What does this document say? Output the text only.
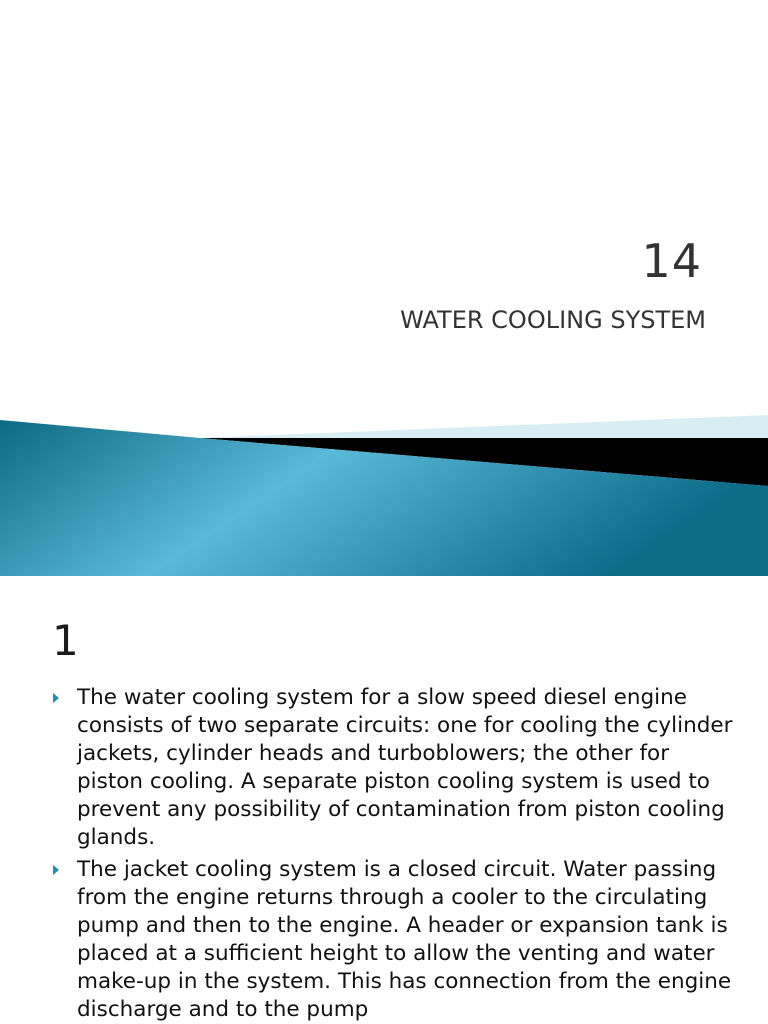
14
WATER COOLING SYSTEM
1
The water cooling system for a slow speed diesel engine consists of two separate circuits: one for cooling the cylinder jackets, cylinder heads and turboblowers; the other for piston cooling. A separate piston cooling system is used to prevent any possibility of contamination from piston cooling glands.
The jacket cooling system is a closed circuit. Water passing from the engine returns through a cooler to the circulating pump and then to the engine. A header or expansion tank is placed at a sufficient height to allow the venting and water make-up in the system. This has connection from the engine discharge and to the pump
